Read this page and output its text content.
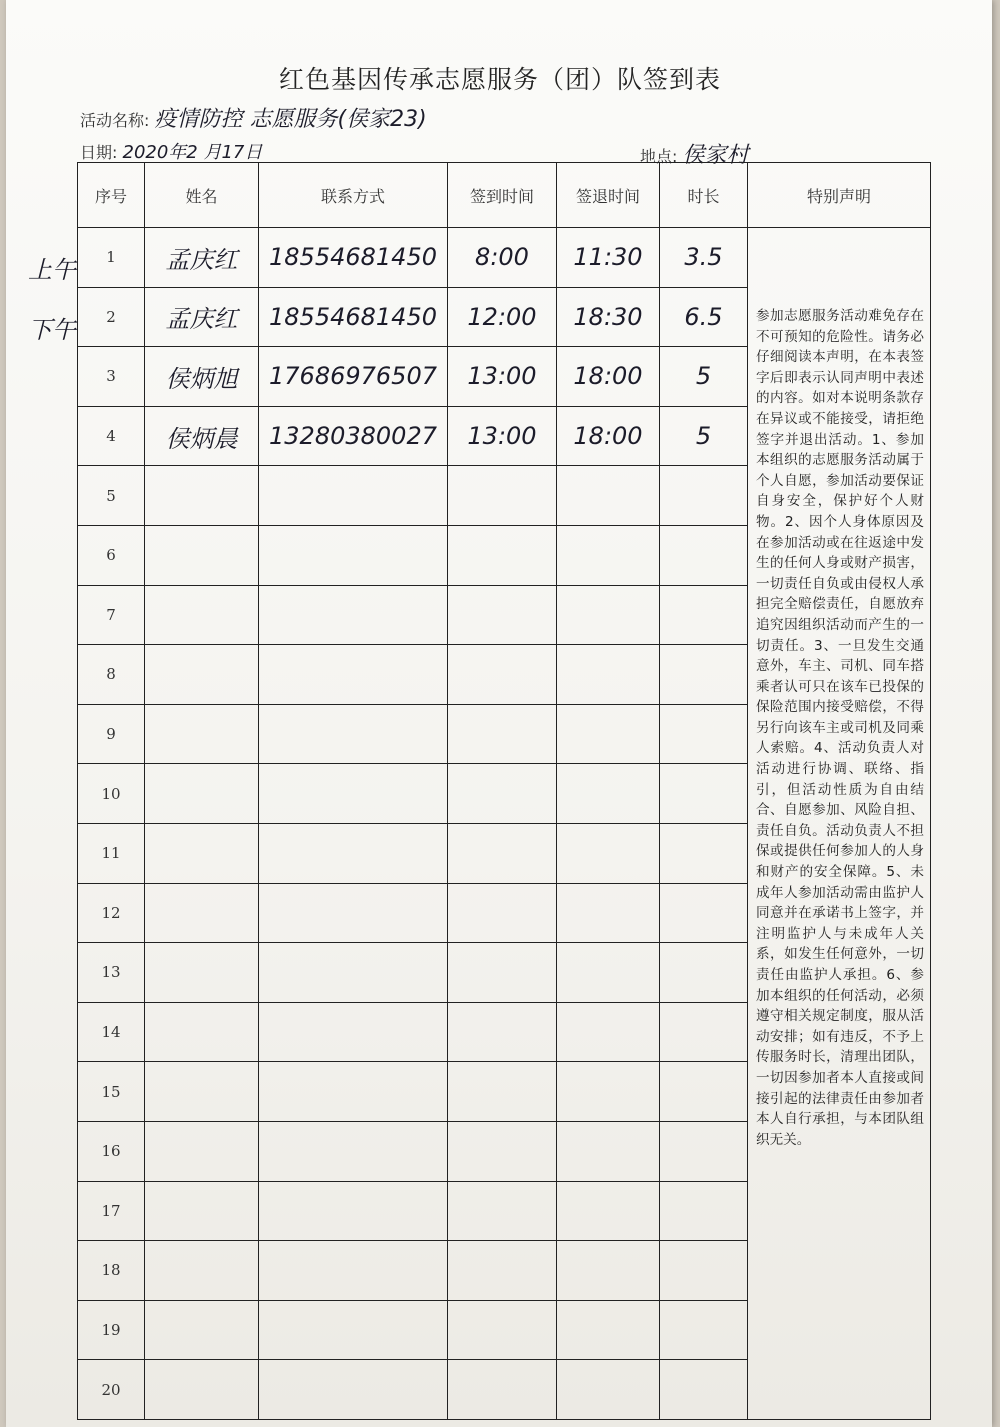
红色基因传承志愿服务（团）队签到表
活动名称: 疫情防控 志愿服务(侯家23)
日期: 2020年2 月17日	地点: 侯家村
上午
下午
序号	姓名	联系方式	签到时间	签退时间	时长	特别声明
1	孟庆红	18554681450	8:00	11:30	3.5	参加志愿服务活动难免存在不可预知的危险性。请务必仔细阅读本声明，在本表签字后即表示认同声明中表述的内容。如对本说明条款存在异议或不能接受，请拒绝签字并退出活动。1、参加本组织的志愿服务活动属于个人自愿，参加活动要保证自身安全，保护好个人财物。2、因个人身体原因及在参加活动或在往返途中发生的任何人身或财产损害，一切责任自负或由侵权人承担完全赔偿责任，自愿放弃追究因组织活动而产生的一切责任。3、一旦发生交通意外，车主、司机、同车搭乘者认可只在该车已投保的保险范围内接受赔偿，不得另行向该车主或司机及同乘人索赔。4、活动负责人对活动进行协调、联络、指引，但活动性质为自由结合、自愿参加、风险自担、责任自负。活动负责人不担保或提供任何参加人的人身和财产的安全保障。5、未成年人参加活动需由监护人同意并在承诺书上签字，并注明监护人与未成年人关系，如发生任何意外，一切责任由监护人承担。6、参加本组织的任何活动，必须遵守相关规定制度，服从活动安排；如有违反，不予上传服务时长，清理出团队，一切因参加者本人直接或间接引起的法律责任由参加者本人自行承担，与本团队组织无关。
2	孟庆红	18554681450	12:00	18:30	6.5	
3	侯炳旭	17686976507	13:00	18:00	5	
4	侯炳晨	13280380027	13:00	18:00	5	
5						
6						
7						
8						
9						
10						
11						
12						
13						
14						
15						
16						
17						
18						
19						
20						
